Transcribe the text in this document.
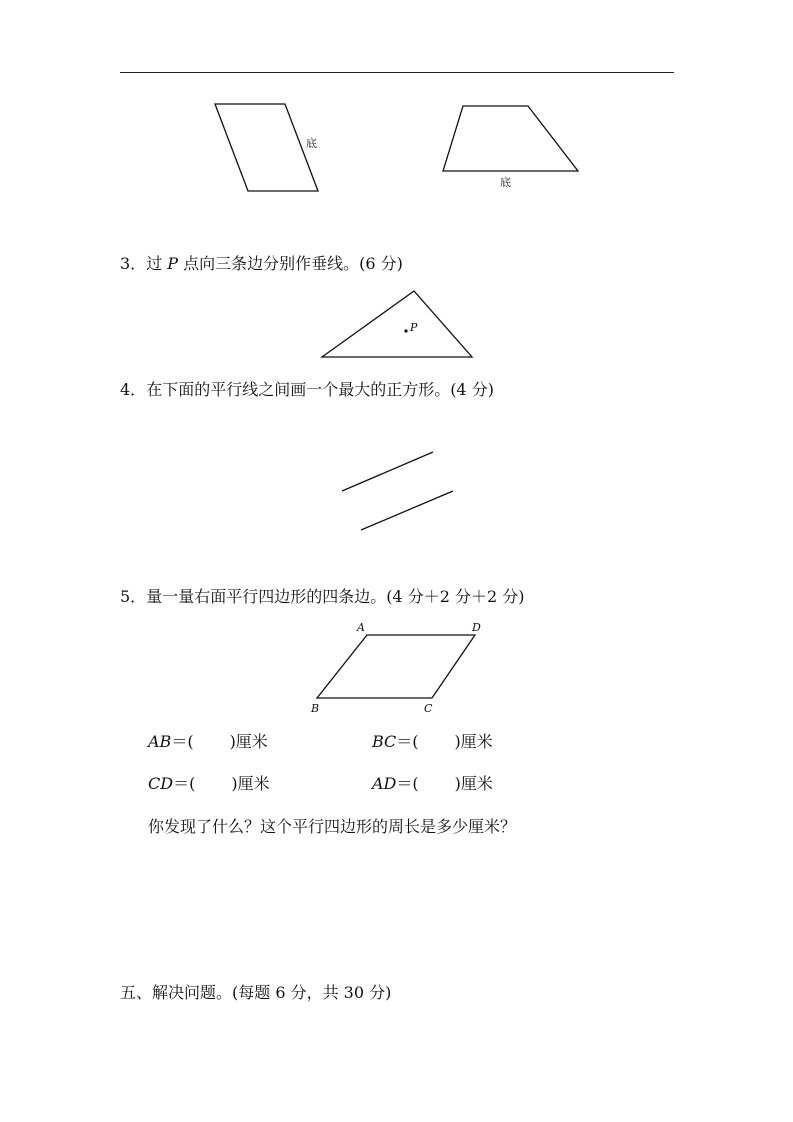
底
底
3．过 P 点向三条边分别作垂线。(6 分)
P
4．在下面的平行线之间画一个最大的正方形。(4 分)
5．量一量右面平行四边形的四条边。(4 分＋2 分＋2 分)
A	D
B	C
AB＝( )厘米	BC＝( )厘米
CD＝( )厘米	AD＝( )厘米
你发现了什么？这个平行四边形的周长是多少厘米？
五、解决问题。(每题 6 分，共 30 分)
